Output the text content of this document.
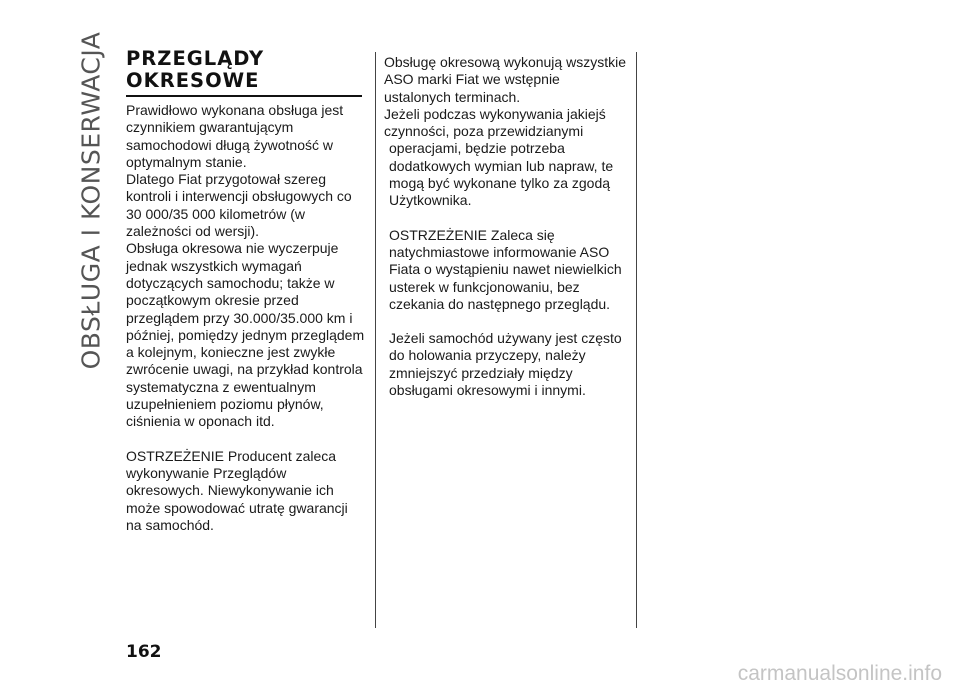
OBSŁUGA I KONSERWACJA PRZEGLĄDY
OKRESOWE

Prawidłowo wykonana obsługa jest czynnikiem gwarantującym samochodowi długą żywotność w optymalnym stanie.

Dlatego Fiat przygotował szereg kontroli i interwencji obsługowych co 30 000/35 000 kilometrów (w zależności od wersji).

Obsługa okresowa nie wyczerpuje jednak wszystkich wymagań dotyczących samochodu; także w początkowym okresie przed przeglądem przy 30.000/35.000 km i później, pomiędzy jednym przeglądem a kolejnym, konieczne jest zwykłe zwrócenie uwagi, na przykład kontrola systematyczna z ewentualnym uzupełnieniem poziomu płynów, ciśnienia w oponach itd.

OSTRZEŻENIE Producent zaleca wykonywanie Przeglądów okresowych. Niewykonywanie ich może spowodować utratę gwarancji na samochód.

Obsługę okresową wykonują wszystkie ASO marki Fiat we wstępnie ustalonych terminach.

Jeżeli podczas wykonywania jakiejś czynności, poza przewidzianymi

operacjami, będzie potrzeba dodatkowych wymian lub napraw, te mogą być wykonane tylko za zgodą Użytkownika.

OSTRZEŻENIE Zaleca się natychmiastowe informowanie ASO Fiata o wystąpieniu nawet niewielkich usterek w funkcjonowaniu, bez czekania do następnego przeglądu.

Jeżeli samochód używany jest często do holowania przyczepy, należy zmniejszyć przedziały między obsługami okresowymi i innymi.

162
carmanualsonline.info
